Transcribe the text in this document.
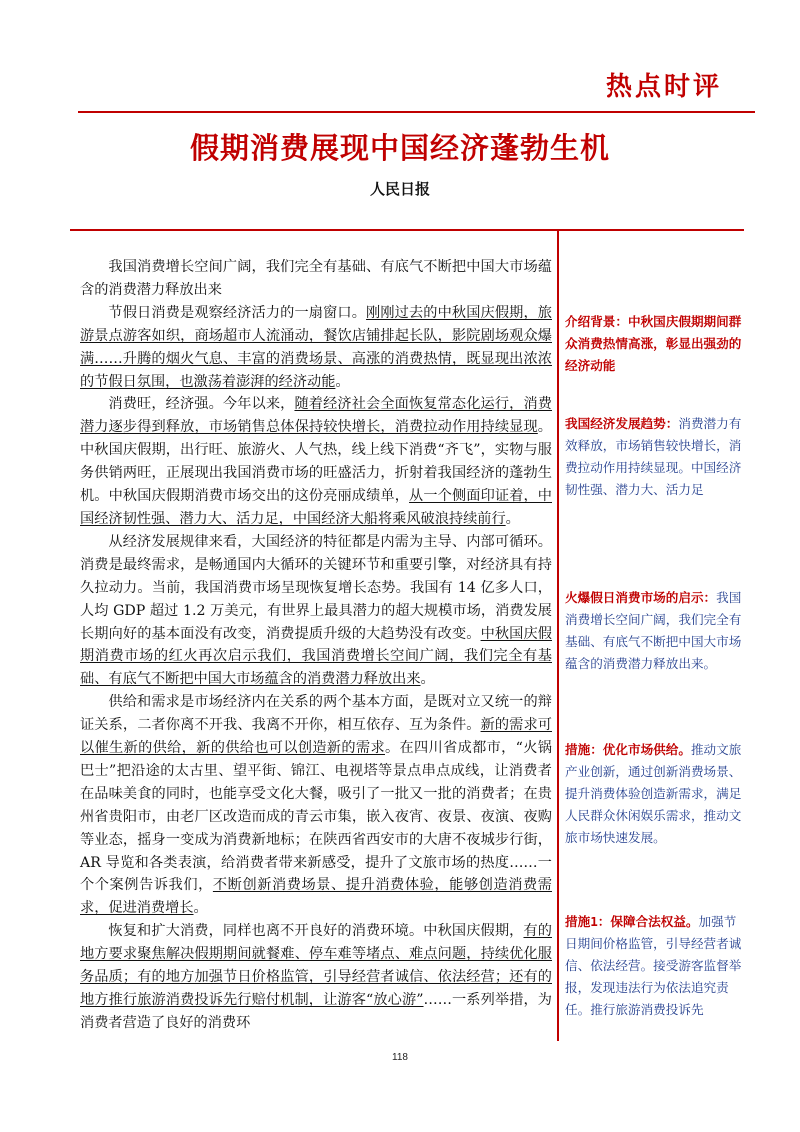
热点时评
假期消费展现中国经济蓬勃生机
人民日报

我国消费增长空间广阔，我们完全有基础、有底气不断把中国大市场蕴含的消费潜力释放出来

节假日消费是观察经济活力的一扇窗口。刚刚过去的中秋国庆假期，旅游景点游客如织，商场超市人流涌动，餐饮店铺排起长队，影院剧场观众爆满……升腾的烟火气息、丰富的消费场景、高涨的消费热情，既显现出浓浓的节假日氛围，也激荡着澎湃的经济动能。

消费旺，经济强。今年以来，随着经济社会全面恢复常态化运行，消费潜力逐步得到释放，市场销售总体保持较快增长，消费拉动作用持续显现。中秋国庆假期，出行旺、旅游火、人气热，线上线下消费“齐飞”，实物与服务供销两旺，正展现出我国消费市场的旺盛活力，折射着我国经济的蓬勃生机。中秋国庆假期消费市场交出的这份亮丽成绩单，从一个侧面印证着，中国经济韧性强、潜力大、活力足，中国经济大船将乘风破浪持续前行。

从经济发展规律来看，大国经济的特征都是内需为主导、内部可循环。消费是最终需求，是畅通国内大循环的关键环节和重要引擎，对经济具有持久拉动力。当前，我国消费市场呈现恢复增长态势。我国有 14 亿多人口，人均 GDP 超过 1.2 万美元，有世界上最具潜力的超大规模市场，消费发展长期向好的基本面没有改变，消费提质升级的大趋势没有改变。中秋国庆假期消费市场的红火再次启示我们，我国消费增长空间广阔，我们完全有基础、有底气不断把中国大市场蕴含的消费潜力释放出来。

供给和需求是市场经济内在关系的两个基本方面，是既对立又统一的辩证关系，二者你离不开我、我离不开你，相互依存、互为条件。新的需求可以催生新的供给，新的供给也可以创造新的需求。在四川省成都市，“火锅巴士”把沿途的太古里、望平街、锦江、电视塔等景点串点成线，让消费者在品味美食的同时，也能享受文化大餐，吸引了一批又一批的消费者；在贵州省贵阳市，由老厂区改造而成的青云市集，嵌入夜宵、夜景、夜演、夜购等业态，摇身一变成为消费新地标；在陕西省西安市的大唐不夜城步行街，AR 导览和各类表演，给消费者带来新感受，提升了文旅市场的热度……一个个案例告诉我们，不断创新消费场景、提升消费体验，能够创造消费需求，促进消费增长。

恢复和扩大消费，同样也离不开良好的消费环境。中秋国庆假期，有的地方要求聚焦解决假期期间就餐难、停车难等堵点、难点问题，持续优化服务品质；有的地方加强节日价格监管，引导经营者诚信、依法经营；还有的地方推行旅游消费投诉先行赔付机制，让游客“放心游”……一系列举措，为消费者营造了良好的消费环

介绍背景：中秋国庆假期期间群众消费热情高涨，彰显出强劲的经济动能
我国经济发展趋势：消费潜力有效释放，市场销售较快增长，消费拉动作用持续显现。中国经济韧性强、潜力大、活力足
火爆假日消费市场的启示：我国消费增长空间广阔，我们完全有基础、有底气不断把中国大市场蕴含的消费潜力释放出来。
措施：优化市场供给。推动文旅产业创新，通过创新消费场景、提升消费体验创造新需求，满足人民群众休闲娱乐需求，推动文旅市场快速发展。
措施1：保障合法权益。加强节日期间价格监管，引导经营者诚信、依法经营。接受游客监督举报，发现违法行为依法追究责任。推行旅游消费投诉先
118
